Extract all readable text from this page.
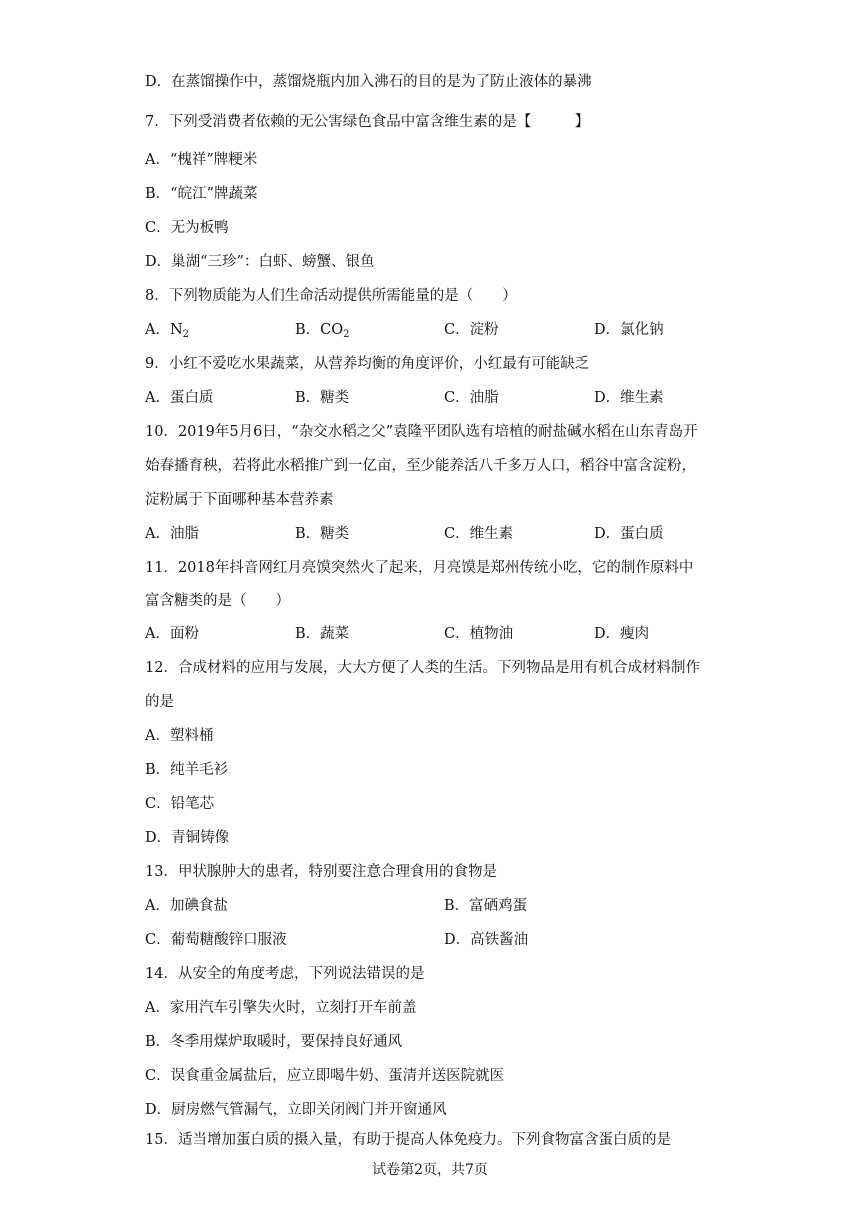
D．在蒸馏操作中，蒸馏烧瓶内加入沸石的目的是为了防止液体的暴沸
7．下列受消费者依赖的无公害绿色食品中富含维生素的是【　　　】
A．“槐祥”牌粳米
B．“皖江”牌蔬菜
C．无为板鸭
D．巢湖“三珍”：白虾、螃蟹、银鱼
8．下列物质能为人们生命活动提供所需能量的是（　　）
A．$N_2$	B．$CO_2$	C．淀粉	D．氯化钠
9．小红不爱吃水果蔬菜，从营养均衡的角度评价，小红最有可能缺乏
A．蛋白质	B．糖类	C．油脂	D．维生素
10．2019年5月6日，“杂交水稻之父”袁隆平团队选有培植的耐盐碱水稻在山东青岛开
始春播育秧，若将此水稻推广到一亿亩，至少能养活八千多万人口，稻谷中富含淀粉，
淀粉属于下面哪种基本营养素
A．油脂	B．糖类	C．维生素	D．蛋白质
11．2018年抖音网红月亮馍突然火了起来，月亮馍是郑州传统小吃，它的制作原料中
富含糖类的是（　　）
A．面粉	B．蔬菜	C．植物油	D．瘦肉
12．合成材料的应用与发展，大大方便了人类的生活。下列物品是用有机合成材料制作
的是
A．塑料桶
B．纯羊毛衫
C．铅笔芯
D．青铜铸像
13．甲状腺肿大的患者，特别要注意合理食用的食物是
A．加碘食盐	B．富硒鸡蛋
C．葡萄糖酸锌口服液	D．高铁酱油
14．从安全的角度考虑，下列说法错误的是
A．家用汽车引擎失火时，立刻打开车前盖
B．冬季用煤炉取暖时，要保持良好通风
C．误食重金属盐后，应立即喝牛奶、蛋清并送医院就医
D．厨房燃气管漏气，立即关闭阀门并开窗通风
15．适当增加蛋白质的摄入量，有助于提高人体免疫力。下列食物富含蛋白质的是
试卷第2页，共7页
